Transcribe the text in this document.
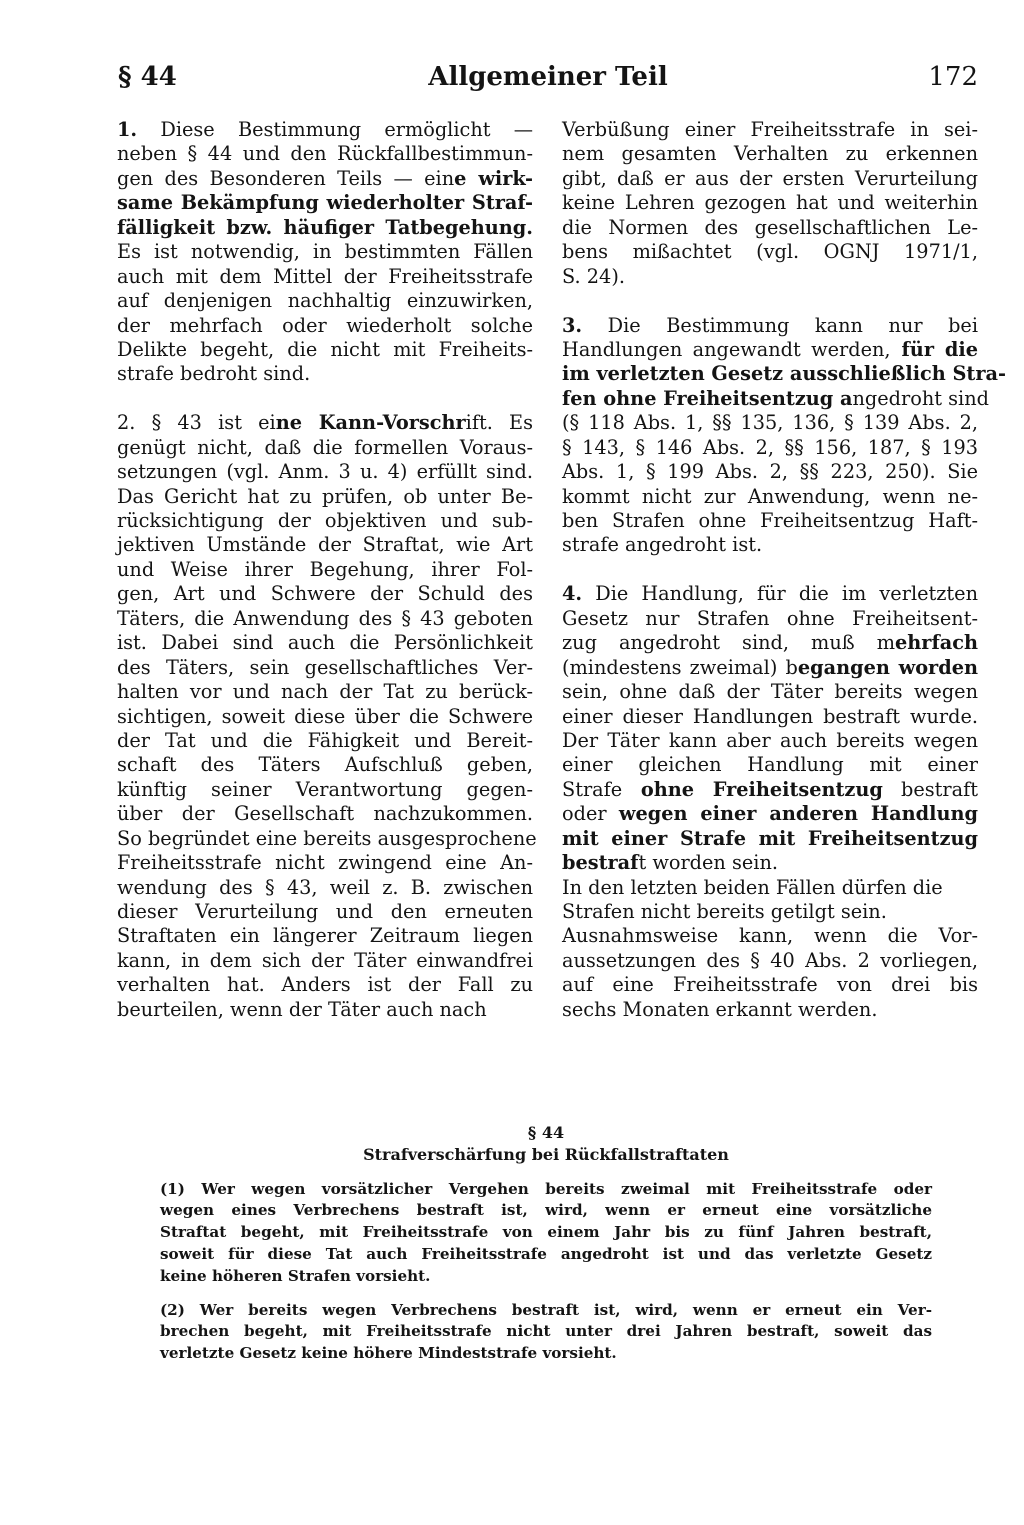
§ 44	Allgemeiner Teil	172
1. Diese Bestimmung ermöglicht —
neben § 44 und den Rückfallbestimmun-
gen des Besonderen Teils — eine wirk-
same Bekämpfung wiederholter Straf-
fälligkeit bzw. häufiger Tatbegehung.
Es ist notwendig, in bestimmten Fällen
auch mit dem Mittel der Freiheitsstrafe
auf denjenigen nachhaltig einzuwirken,
der mehrfach oder wiederholt solche
Delikte begeht, die nicht mit Freiheits-
strafe bedroht sind.
2. § 43 ist eine Kann-Vorschrift. Es
genügt nicht, daß die formellen Voraus-
setzungen (vgl. Anm. 3 u. 4) erfüllt sind.
Das Gericht hat zu prüfen, ob unter Be-
rücksichtigung der objektiven und sub-
jektiven Umstände der Straftat, wie Art
und Weise ihrer Begehung, ihrer Fol-
gen, Art und Schwere der Schuld des
Täters, die Anwendung des § 43 geboten
ist. Dabei sind auch die Persönlichkeit
des Täters, sein gesellschaftliches Ver-
halten vor und nach der Tat zu berück-
sichtigen, soweit diese über die Schwere
der Tat und die Fähigkeit und Bereit-
schaft des Täters Aufschluß geben,
künftig seiner Verantwortung gegen-
über der Gesellschaft nachzukommen.
So begründet eine bereits ausgesprochene
Freiheitsstrafe nicht zwingend eine An-
wendung des § 43, weil z. B. zwischen
dieser Verurteilung und den erneuten
Straftaten ein längerer Zeitraum liegen
kann, in dem sich der Täter einwandfrei
verhalten hat. Anders ist der Fall zu
beurteilen, wenn der Täter auch nach
Verbüßung einer Freiheitsstrafe in sei-
nem gesamten Verhalten zu erkennen
gibt, daß er aus der ersten Verurteilung
keine Lehren gezogen hat und weiterhin
die Normen des gesellschaftlichen Le-
bens mißachtet (vgl. OGNJ 1971/1,
S. 24).
3. Die Bestimmung kann nur bei
Handlungen angewandt werden, für die
im verletzten Gesetz ausschließlich Stra-
fen ohne Freiheitsentzug angedroht sind
(§ 118 Abs. 1, §§ 135, 136, § 139 Abs. 2,
§ 143, § 146 Abs. 2, §§ 156, 187, § 193
Abs. 1, § 199 Abs. 2, §§ 223, 250). Sie
kommt nicht zur Anwendung, wenn ne-
ben Strafen ohne Freiheitsentzug Haft-
strafe angedroht ist.
4. Die Handlung, für die im verletzten
Gesetz nur Strafen ohne Freiheitsent-
zug angedroht sind, muß mehrfach
(mindestens zweimal) begangen worden
sein, ohne daß der Täter bereits wegen
einer dieser Handlungen bestraft wurde.
Der Täter kann aber auch bereits wegen
einer gleichen Handlung mit einer
Strafe ohne Freiheitsentzug bestraft
oder wegen einer anderen Handlung
mit einer Strafe mit Freiheitsentzug
bestraft worden sein.
In den letzten beiden Fällen dürfen die
Strafen nicht bereits getilgt sein.
Ausnahmsweise kann, wenn die Vor-
aussetzungen des § 40 Abs. 2 vorliegen,
auf eine Freiheitsstrafe von drei bis
sechs Monaten erkannt werden.
§ 44
Strafverschärfung bei Rückfallstraftaten
(1) Wer wegen vorsätzlicher Vergehen bereits zweimal mit Freiheitsstrafe oder
wegen eines Verbrechens bestraft ist, wird, wenn er erneut eine vorsätzliche
Straftat begeht, mit Freiheitsstrafe von einem Jahr bis zu fünf Jahren bestraft,
soweit für diese Tat auch Freiheitsstrafe angedroht ist und das verletzte Gesetz
keine höheren Strafen vorsieht.
(2) Wer bereits wegen Verbrechens bestraft ist, wird, wenn er erneut ein Ver-
brechen begeht, mit Freiheitsstrafe nicht unter drei Jahren bestraft, soweit das
verletzte Gesetz keine höhere Mindeststrafe vorsieht.
